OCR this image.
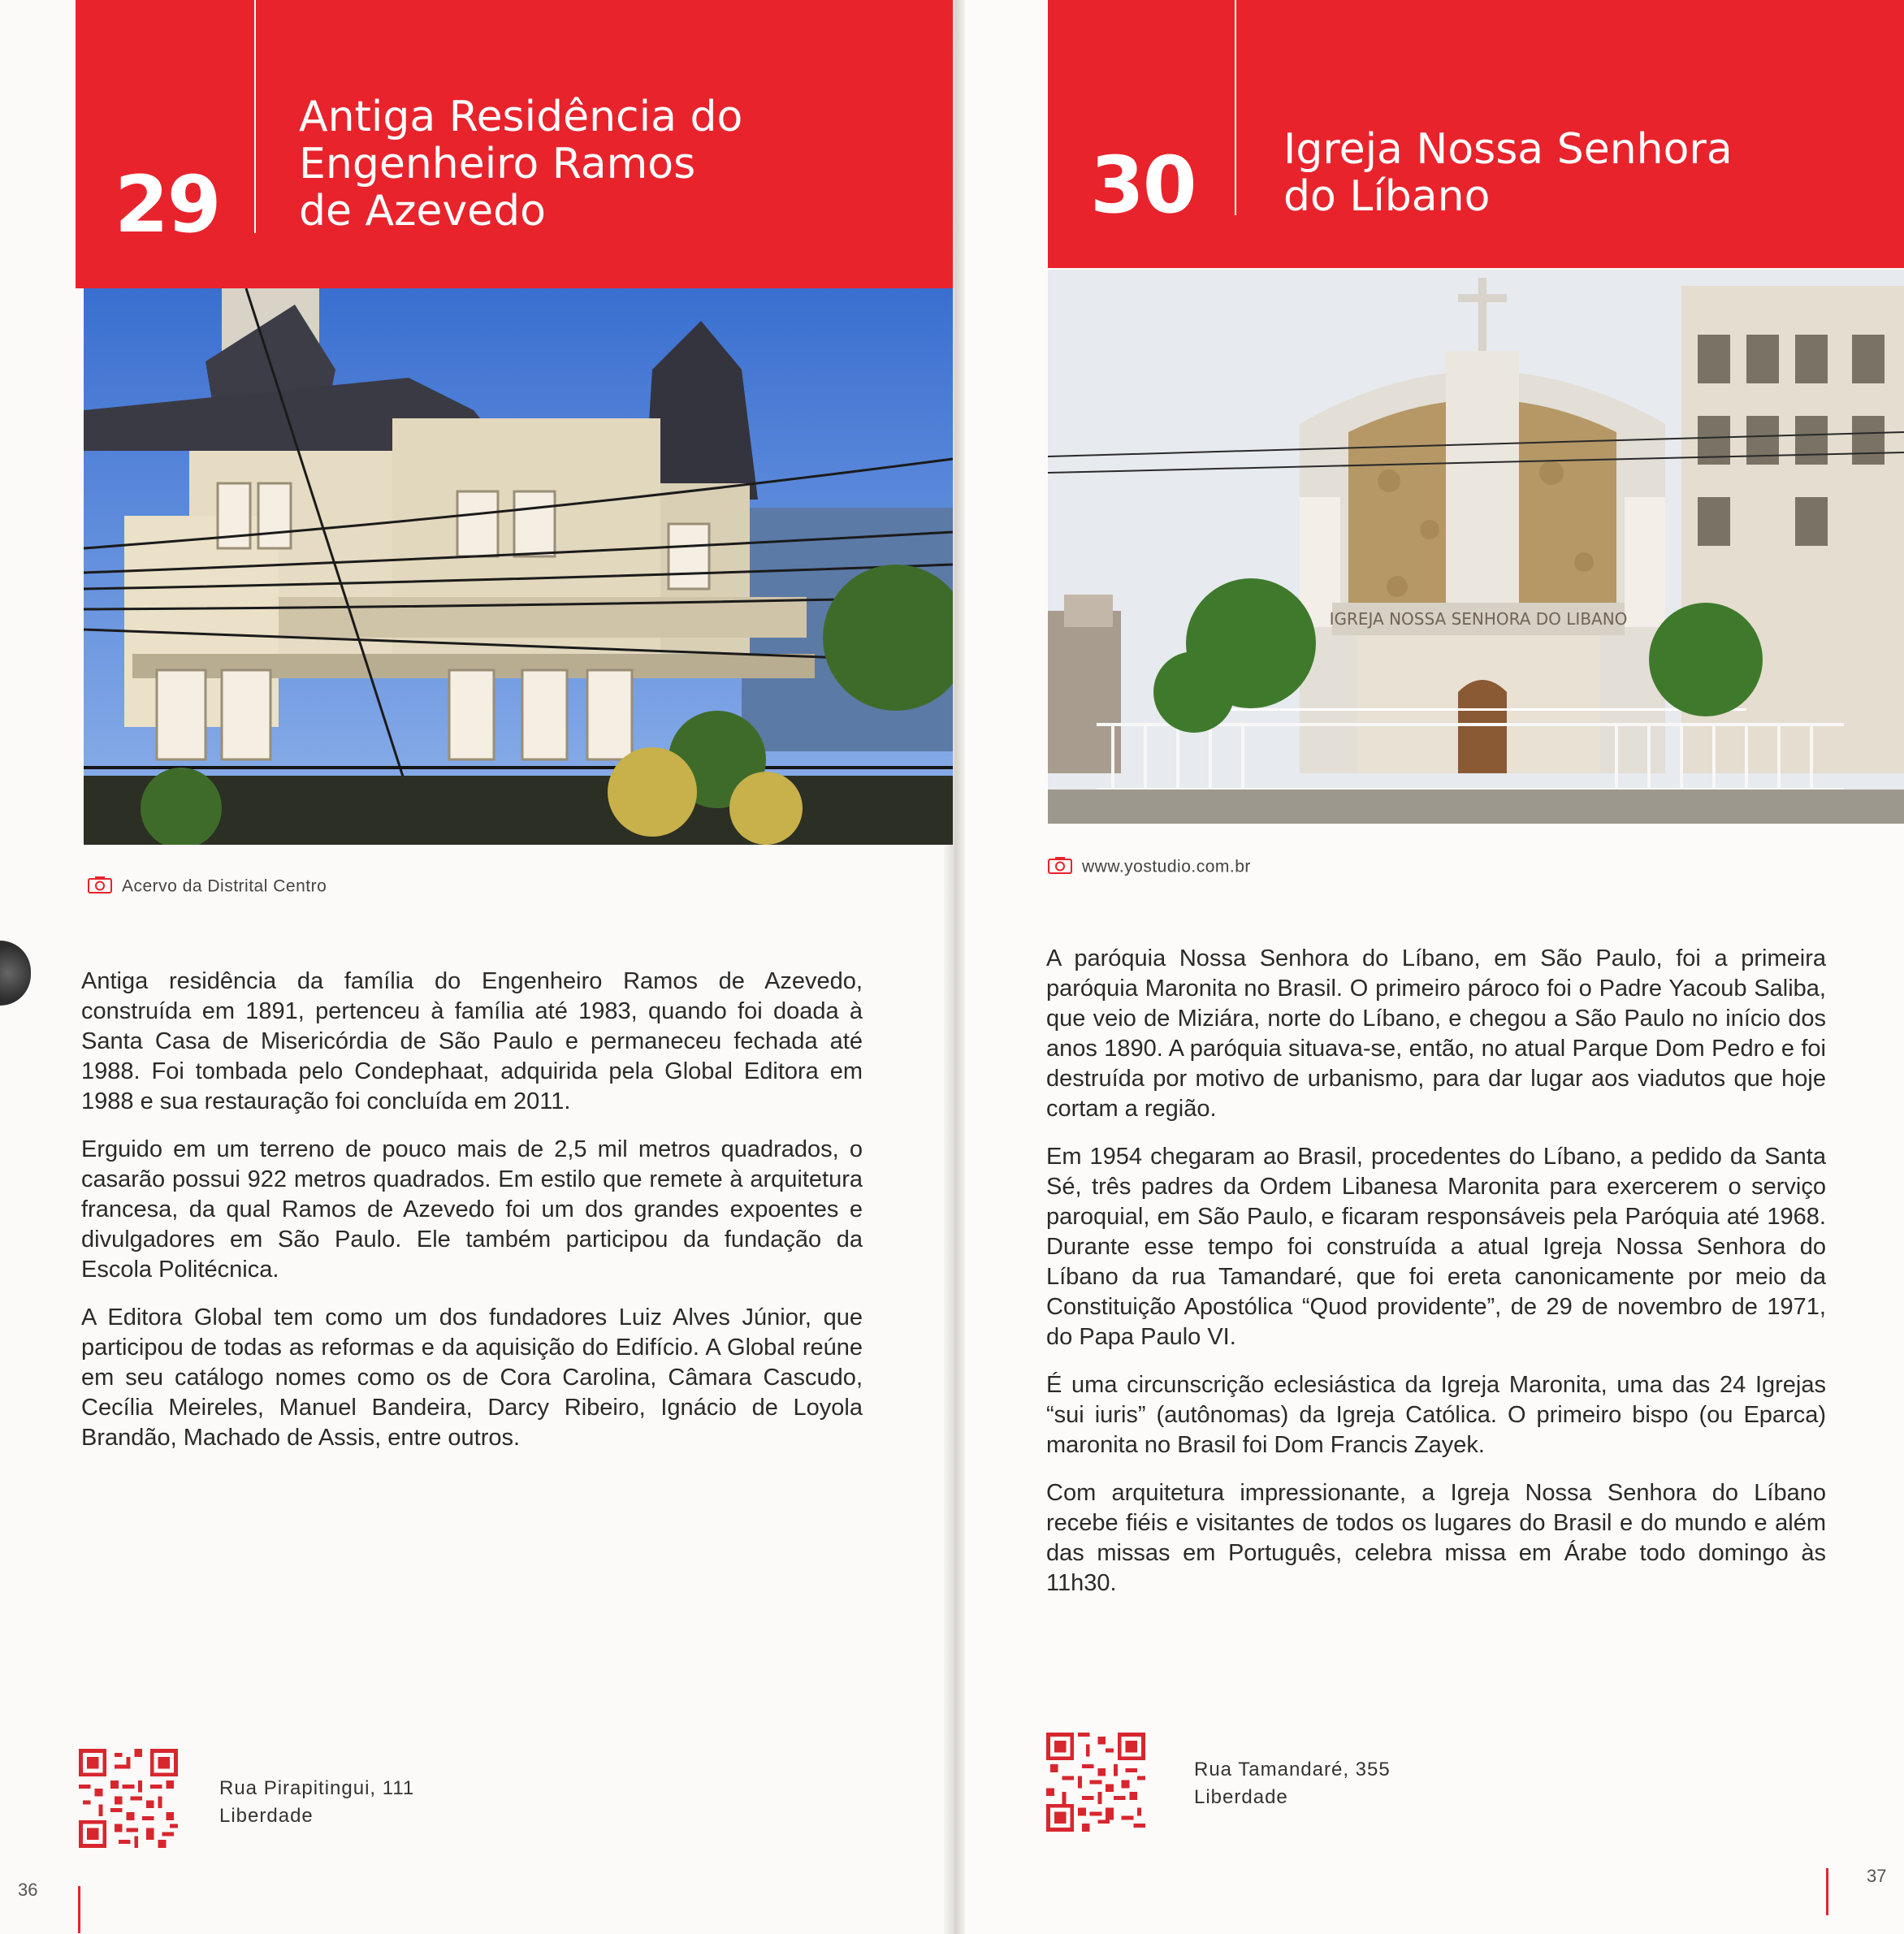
29
Antiga Residência do Engenheiro Ramos de Azevedo	30 Igreja Nossa Senhora do Líbano
IGREJA NOSSA SENHORA DO LIBANO
Acervo da Distrital Centro
www.yostudio.com.br

Antiga residência da família do Engenheiro Ramos de Azevedo, construída em 1891, pertenceu à família até 1983, quando foi doada à Santa Casa de Misericórdia de São Paulo e permaneceu fechada até 1988. Foi tombada pelo Condephaat, adquirida pela Global Editora em 1988 e sua restauração foi concluída em 2011.

Erguido em um terreno de pouco mais de 2,5 mil metros quadrados, o casarão possui 922 metros quadrados. Em estilo que remete à arquitetura francesa, da qual Ramos de Azevedo foi um dos grandes expoentes e divulgadores em São Paulo. Ele também participou da fundação da Escola Politécnica.

A Editora Global tem como um dos fundadores Luiz Alves Júnior, que participou de todas as reformas e da aquisição do Edifício. A Global reúne em seu catálogo nomes como os de Cora Carolina, Câmara Cascudo, Cecília Meireles, Manuel Bandeira, Darcy Ribeiro, Ignácio de Loyola Brandão, Machado de Assis, entre outros.

A paróquia Nossa Senhora do Líbano, em São Paulo, foi a primeira paróquia Maronita no Brasil. O primeiro pároco foi o Padre Yacoub Saliba, que veio de Miziára, norte do Líbano, e chegou a São Paulo no início dos anos 1890. A paróquia situava-se, então, no atual Parque Dom Pedro e foi destruída por motivo de urbanismo, para dar lugar aos viadutos que hoje cortam a região.

Em 1954 chegaram ao Brasil, procedentes do Líbano, a pedido da Santa Sé, três padres da Ordem Libanesa Maronita para exercerem o serviço paroquial, em São Paulo, e ficaram responsáveis pela Paróquia até 1968. Durante esse tempo foi construída a atual Igreja Nossa Senhora do Líbano da rua Tamandaré, que foi ereta canonicamente por meio da Constituição Apostólica “Quod providente”, de 29 de novembro de 1971, do Papa Paulo VI.

É uma circunscrição eclesiástica da Igreja Maronita, uma das 24 Igrejas “sui iuris” (autônomas) da Igreja Católica. O primeiro bispo (ou Eparca) maronita no Brasil foi Dom Francis Zayek.

Com arquitetura impressionante, a Igreja Nossa Senhora do Líbano recebe fiéis e visitantes de todos os lugares do Brasil e do mundo e além das missas em Português, celebra missa em Árabe todo domingo às 11h30.

Rua Pirapitingui, 111
Liberdade
Rua Tamandaré, 355
Liberdade
36
37
